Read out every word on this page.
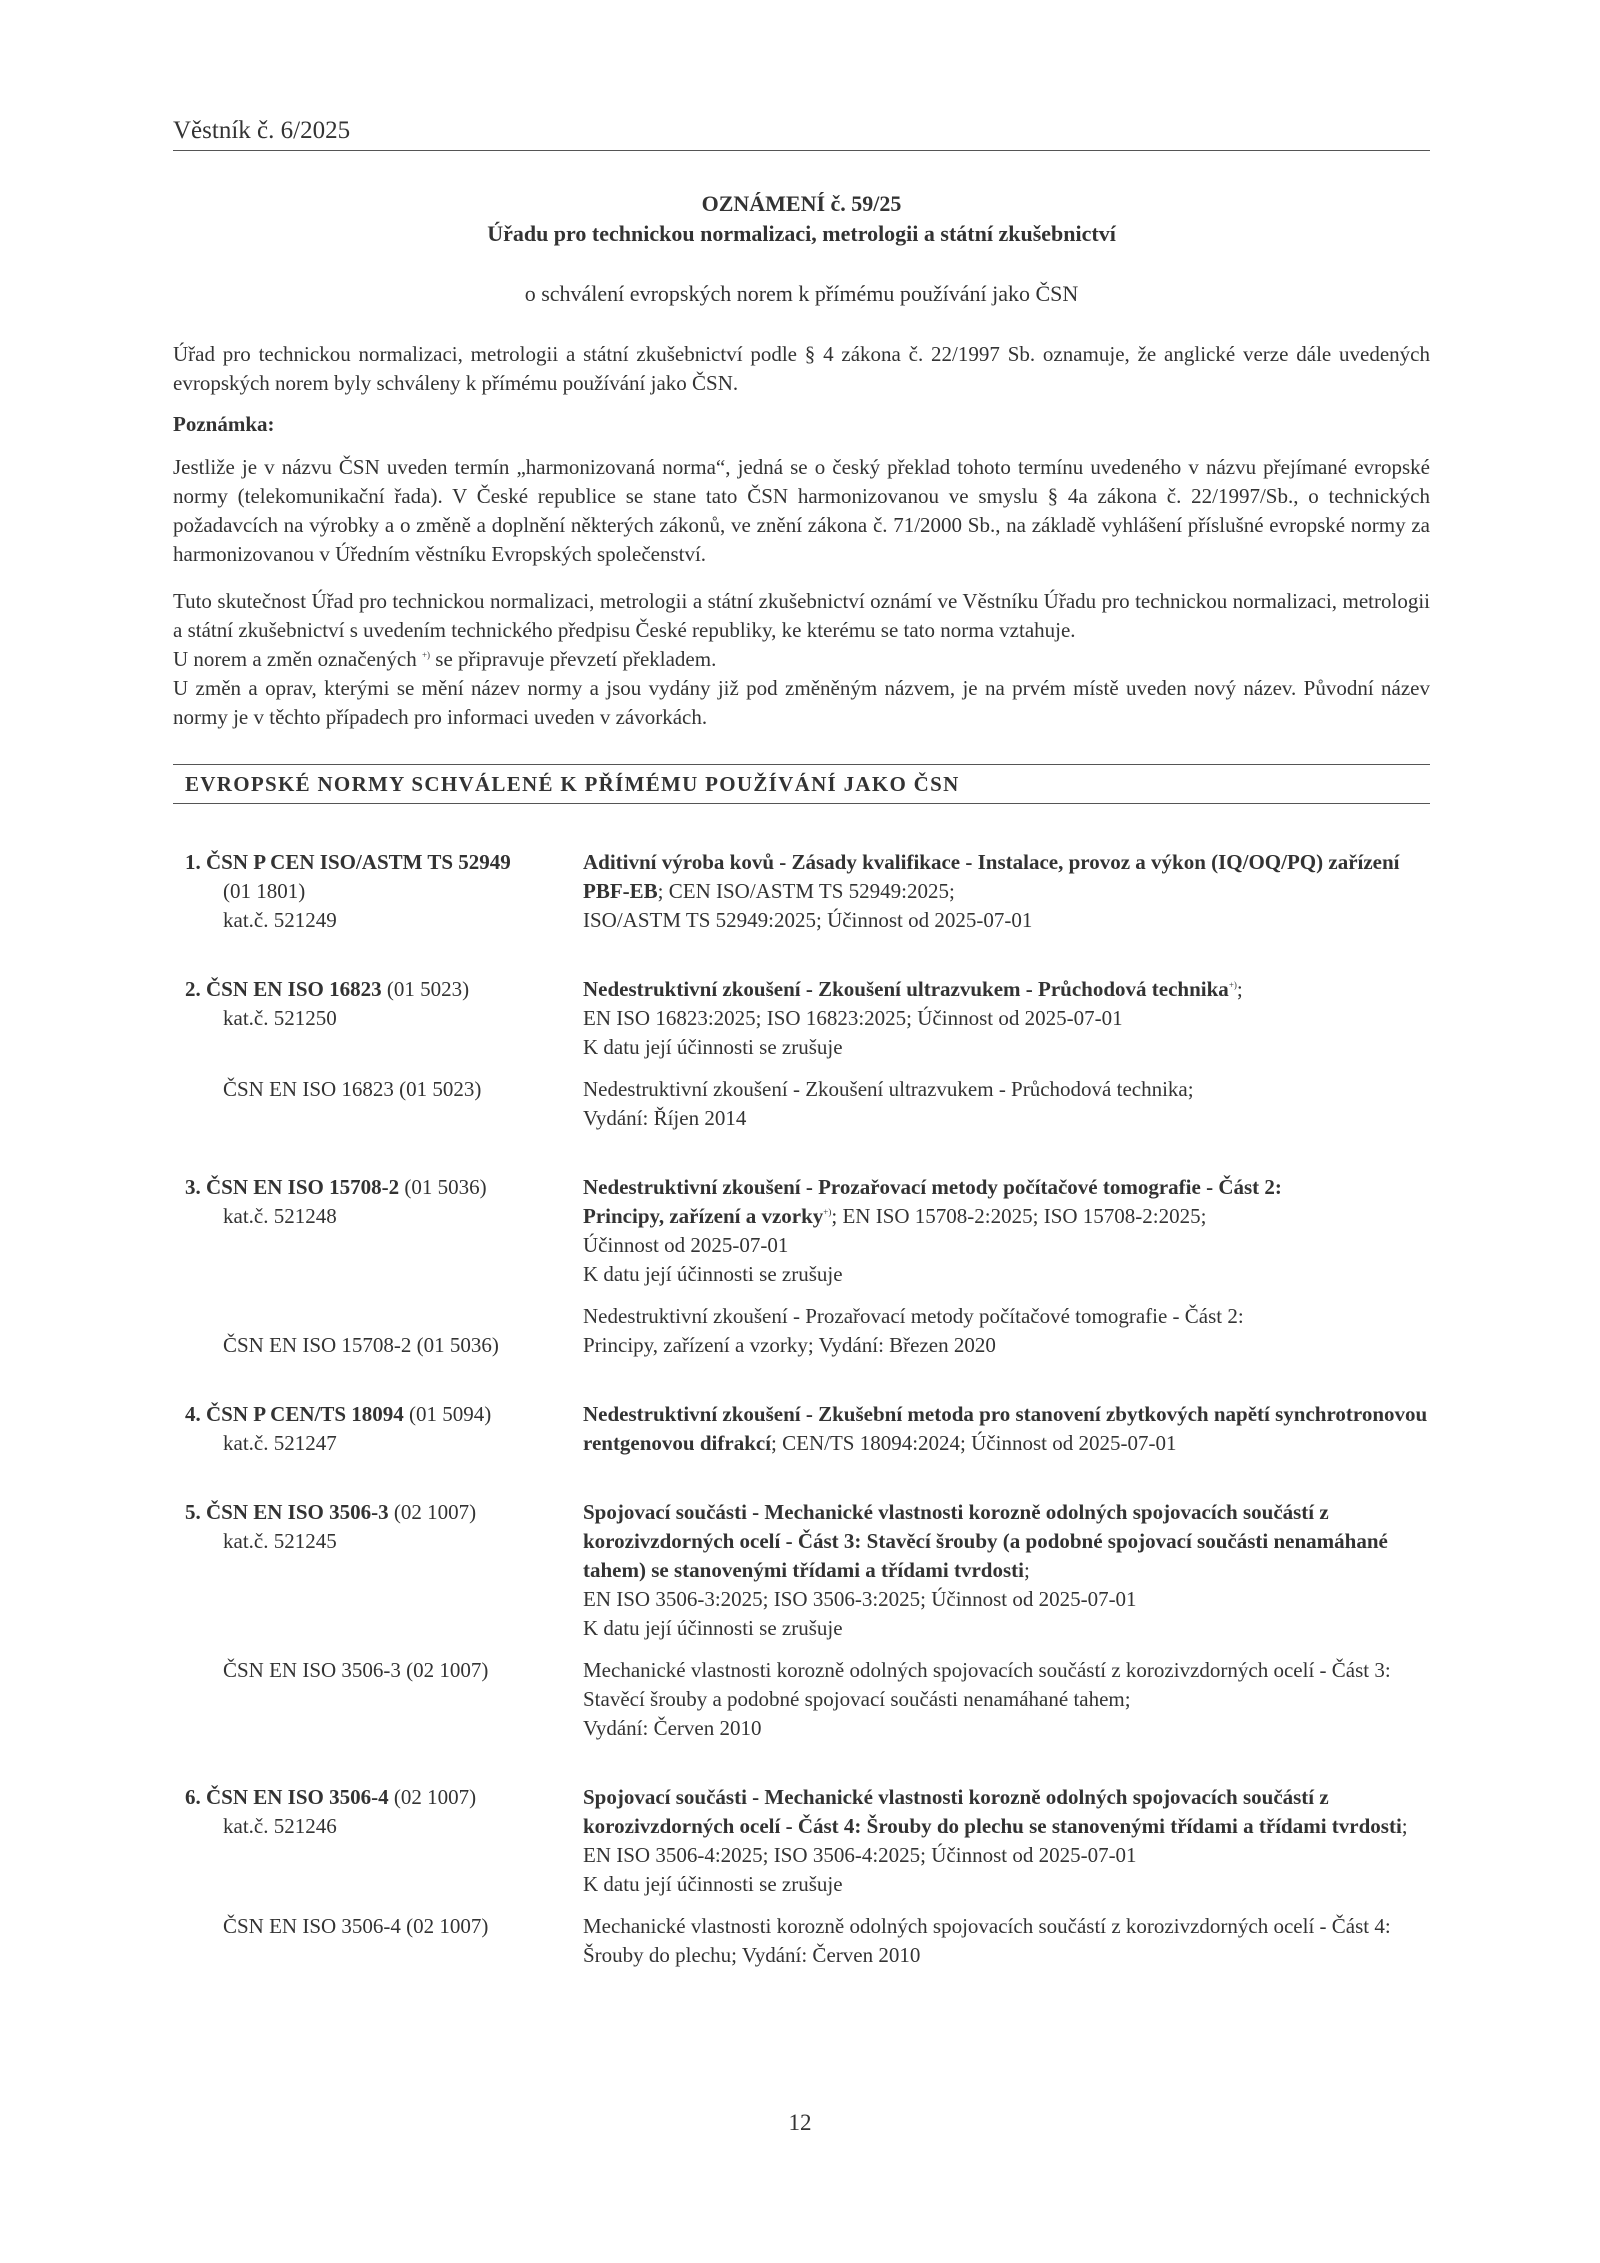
Věstník č. 6/2025
OZNÁMENÍ č. 59/25
Úřadu pro technickou normalizaci, metrologii a státní zkušebnictví
o schválení evropských norem k přímému používání jako ČSN

Úřad pro technickou normalizaci, metrologii a státní zkušebnictví podle § 4 zákona č. 22/1997 Sb. oznamuje, že anglické verze dále uvedených evropských norem byly schváleny k přímému používání jako ČSN.

Poznámka:

Jestliže je v názvu ČSN uveden termín „harmonizovaná norma“, jedná se o český překlad tohoto termínu uvedeného v názvu přejímané evropské normy (telekomunikační řada). V České republice se stane tato ČSN harmonizovanou ve smyslu § 4a zákona č. 22/1997/Sb., o technických požadavcích na výrobky a o změně a doplnění některých zákonů, ve znění zákona č. 71/2000 Sb., na základě vyhlášení příslušné evropské normy za harmonizovanou v Úředním věstníku Evropských společenství.

Tuto skutečnost Úřad pro technickou normalizaci, metrologii a státní zkušebnictví oznámí ve Věstníku Úřadu pro technickou normalizaci, metrologii a státní zkušebnictví s uvedením technického předpisu České republiky, ke kterému se tato norma vztahuje.

U norem a změn označených +) se připravuje převzetí překladem.

U změn a oprav, kterými se mění název normy a jsou vydány již pod změněným názvem, je na prvém místě uveden nový název. Původní název normy je v těchto případech pro informaci uveden v závorkách.

EVROPSKÉ NORMY SCHVÁLENÉ K PŘÍMÉMU POUŽÍVÁNÍ JAKO ČSN
1. ČSN P CEN ISO/ASTM TS 52949
(01 1801)
kat.č. 521249
Aditivní výroba kovů - Zásady kvalifikace - Instalace, provoz a výkon (IQ/OQ/PQ) zařízení PBF-EB; CEN ISO/ASTM TS 52949:2025;
ISO/ASTM TS 52949:2025; Účinnost od 2025-07-01
2. ČSN EN ISO 16823 (01 5023)
kat.č. 521250
ČSN EN ISO 16823 (01 5023)
Nedestruktivní zkoušení - Zkoušení ultrazvukem - Průchodová technika+);
EN ISO 16823:2025; ISO 16823:2025; Účinnost od 2025-07-01
K datu její účinnosti se zrušuje
Nedestruktivní zkoušení - Zkoušení ultrazvukem - Průchodová technika;
Vydání: Říjen 2014
3. ČSN EN ISO 15708-2 (01 5036)
kat.č. 521248
ČSN EN ISO 15708-2 (01 5036)
Nedestruktivní zkoušení - Prozařovací metody počítačové tomografie - Část 2:
Principy, zařízení a vzorky+); EN ISO 15708-2:2025; ISO 15708-2:2025;
Účinnost od 2025-07-01
K datu její účinnosti se zrušuje
Nedestruktivní zkoušení - Prozařovací metody počítačové tomografie - Část 2:
Principy, zařízení a vzorky; Vydání: Březen 2020
4. ČSN P CEN/TS 18094 (01 5094)
kat.č. 521247
Nedestruktivní zkoušení - Zkušební metoda pro stanovení zbytkových napětí synchrotronovou rentgenovou difrakcí; CEN/TS 18094:2024; Účinnost od 2025-07-01
5. ČSN EN ISO 3506-3 (02 1007)
kat.č. 521245
ČSN EN ISO 3506-3 (02 1007)
Spojovací součásti - Mechanické vlastnosti korozně odolných spojovacích součástí z korozivzdorných ocelí - Část 3: Stavěcí šrouby (a podobné spojovací součásti nenamáhané tahem) se stanovenými třídami a třídami tvrdosti;
EN ISO 3506-3:2025; ISO 3506-3:2025; Účinnost od 2025-07-01
K datu její účinnosti se zrušuje
Mechanické vlastnosti korozně odolných spojovacích součástí z korozivzdorných ocelí - Část 3: Stavěcí šrouby a podobné spojovací součásti nenamáhané tahem;
Vydání: Červen 2010
6. ČSN EN ISO 3506-4 (02 1007)
kat.č. 521246
ČSN EN ISO 3506-4 (02 1007)
Spojovací součásti - Mechanické vlastnosti korozně odolných spojovacích součástí z korozivzdorných ocelí - Část 4: Šrouby do plechu se stanovenými třídami a třídami tvrdosti; EN ISO 3506-4:2025; ISO 3506-4:2025; Účinnost od 2025-07-01
K datu její účinnosti se zrušuje
Mechanické vlastnosti korozně odolných spojovacích součástí z korozivzdorných ocelí - Část 4: Šrouby do plechu; Vydání: Červen 2010
12
